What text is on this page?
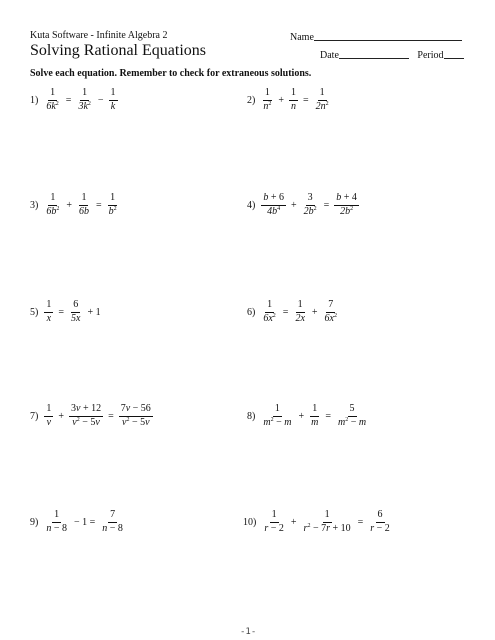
Kuta Software - Infinite Algebra 2	Name
Solving Rational Equations	Date	Period
Solve each equation. Remember to check for extraneous solutions.
$1) \frac{1}{6k^2} = \frac{1}{3k^2} - \frac{1}{k}$	$2) \frac{1}{n^2} + \frac{1}{n} = \frac{1}{2n^2}$
$3) \frac{1}{6b^2} + \frac{1}{6b} = \frac{1}{b^2}$	$4) \frac{b + 6}{4b^4} + \frac{3}{2b^2} = \frac{b + 4}{2b^2}$
$5) \frac{1}{x} = \frac{6}{5x} + 1$	$6) \frac{1}{6x^2} = \frac{1}{2x} + \frac{7}{6x^2}$
$7) \frac{1}{v} + \frac{3v + 12}{v^2 - 5v} = \frac{7v - 56}{v^2 - 5v}$	$8) \frac{1}{m^2 - m} + \frac{1}{m} = \frac{5}{m^2 - m}$
$9) \frac{1}{n - 8} - 1 = \frac{7}{n - 8}$	$10) \frac{1}{r - 2} + \frac{1}{r^2 - 7r + 10} = \frac{6}{r - 2}$
-1-
